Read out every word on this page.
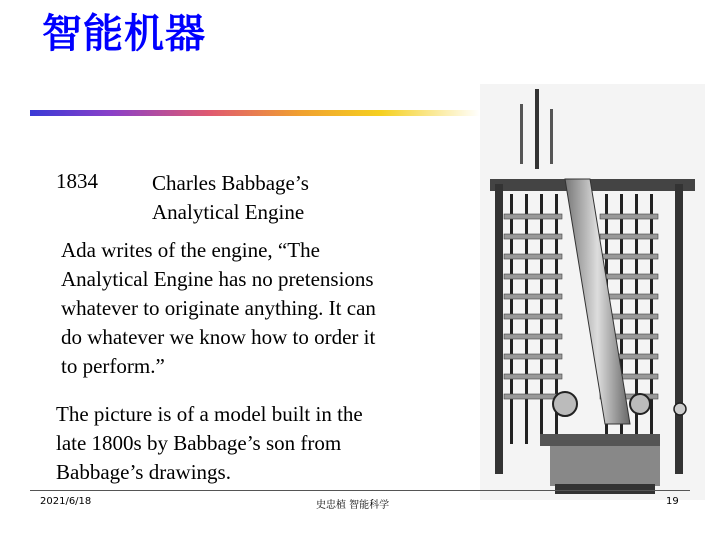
智能机器
1834	Charles Babbage’s
Analytical Engine
Ada writes of the engine, “The Analytical Engine has no pretensions whatever to originate anything. It can do whatever we know how to order it to perform.”
The picture is of a model built in the late 1800s by Babbage’s son from Babbage’s drawings.
2021/6/18	史忠植 智能科学	19
